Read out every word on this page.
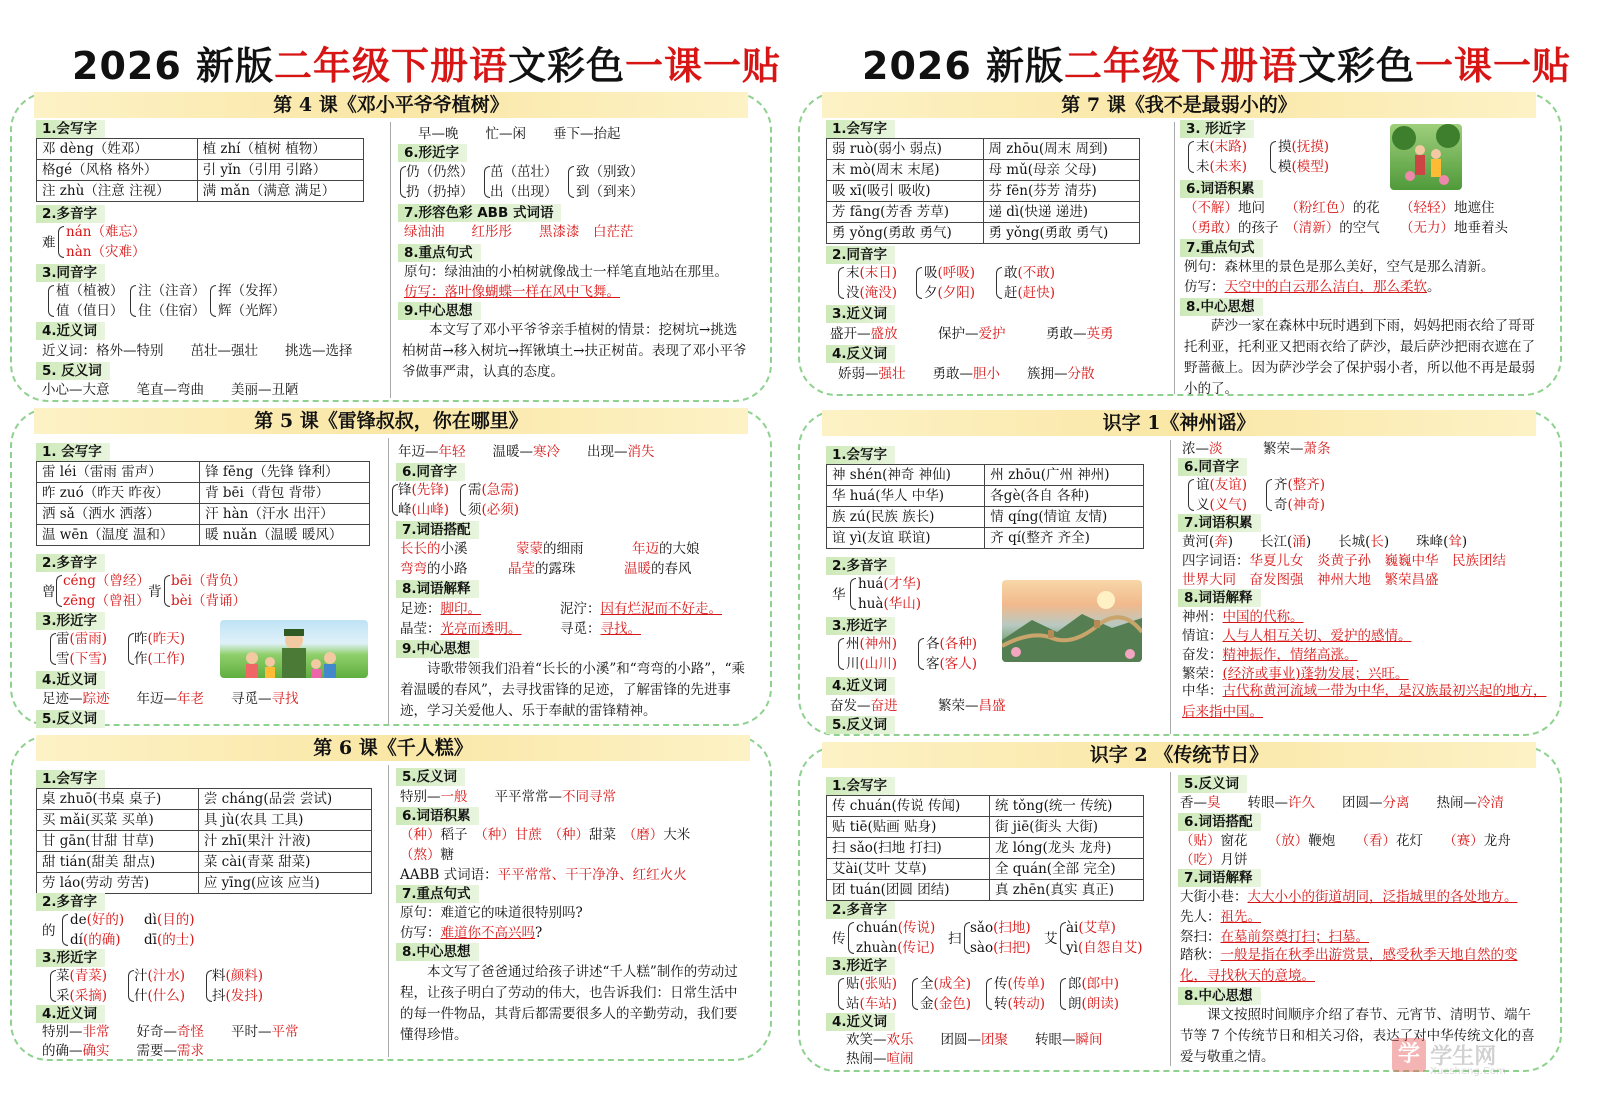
2026 新版二年级下册语文彩色一课一贴 2026 新版二年级下册语文彩色一课一贴
第 4 课《邓小平爷爷植树》
1.会写字
邓 dèng（姓邓）	植 zhí（植树 植物）
格gé（风格 格外）	引 yǐn（引用 引路）
注 zhù（注意 注视）	满 mǎn（满意 满足）
2.多音字
难
nán（难忘）
nàn（灾难）
3.同音字
植（植被）
值（值日）
注（注音）
住（住宿）
挥（发挥）
辉（光辉）
4.近义词
近义词：格外—特别　　茁壮—强壮　　挑选—选择
5. 反义词
小心—大意　　笔直—弯曲　　美丽—丑陋
早—晚　　忙—闲　　垂下—抬起
6.形近字
仍（仍然）
扔（扔掉）
茁（茁壮）
出（出现）
致（别致）
到（到来）
7.形容色彩 ABB 式词语
绿油油　　红彤彤　　黑漆漆　白茫茫
8.重点句式
原句：绿油油的小柏树就像战士一样笔直地站在那里。
仿写：落叶像蝴蝶一样在风中飞舞。
9.中心思想
　　本文写了邓小平爷爷亲手植树的情景：挖树坑→挑选柏树苗→移入树坑→挥锹填土→扶正树苗。表现了邓小平爷爷做事严肃，认真的态度。
第 5 课《雷锋叔叔，你在哪里》
1. 会写字
雷 léi（雷雨 雷声）	锋 fēng（先锋 锋利）
昨 zuó（昨天 昨夜）	背 bēi（背包 背带）
洒 sǎ（洒水 洒落）	汗 hàn（汗水 出汗）
温 wēn（温度 温和）	暖 nuǎn（温暖 暖风）
2.多音字
曾
céng（曾经）
zēng（曾祖）
背
bēi（背负）
bèi（背诵）
3.形近字
雷(雷雨)
雪(下雪)
昨(昨天)
作(工作)
4.近义词
足迹—踪迹　　年迈—年老　　寻觅—寻找
5.反义词
年迈—年轻　　温暖—寒冷　　出现—消失
6.同音字
锋(先锋)
峰(山峰)
需(急需)
须(必须)
7.词语搭配
长长的小溪	蒙蒙的细雨	年迈的大娘
弯弯的小路	晶莹的露珠	温暖的春风
8.词语解释
足迹：脚印。	泥泞：因有烂泥而不好走。
晶莹：光亮而透明。	寻觅：寻找。
9.中心思想
　　诗歌带领我们沿着“长长的小溪”和“弯弯的小路”，“乘着温暖的春风”，去寻找雷锋的足迹，了解雷锋的先进事迹，学习关爱他人、乐于奉献的雷锋精神。
第 6 课《千人糕》
1.会写字
桌 zhuō(书桌 桌子)	尝 cháng(品尝 尝试)
买 mǎi(买菜 买单)	具 jù(农具 工具)
甘 gān(甘甜 甘草)	汁 zhī(果汁 汁液)
甜 tián(甜美 甜点)	菜 cài(青菜 甜菜)
劳 láo(劳动 劳苦)	应 yīng(应该 应当)
2.多音字
的
de(好的)
dí(的确)
dì(目的)
dī(的士)
3.形近字
菜(青菜)
采(采摘)
汁(汁水)
什(什么)
料(颜料)
抖(发抖)
4.近义词
特别—非常　　好奇—奇怪　　平时—平常
的确—确实　　需要—需求
5.反义词
特别—一般　　平平常常—不同寻常
6.词语积累
（种）稻子　（种）甘蔗　 （种）甜菜　（磨）大米
（熬）糖
AABB 式词语：平平常常、干干净净、红红火火
7.重点句式
原句：难道它的味道很特别吗?
仿写：难道你不高兴吗?
8.中心思想
　　本文写了爸爸通过给孩子讲述“千人糕”制作的劳动过程，让孩子明白了劳动的伟大，也告诉我们：日常生活中的每一件物品，其背后都需要很多人的辛勤劳动，我们要懂得珍惜。
第 7 课《我不是最弱小的》
1.会写字
弱 ruò(弱小 弱点)	周 zhōu(周末 周到)
末 mò(周末 末尾)	母 mǔ(母亲 父母)
吸 xī(吸引 吸收)	芬 fēn(芬芳 清芬)
芳 fāng(芳香 芳草)	递 dì(快递 递进)
勇 yǒng(勇敢 勇气)	勇 yǒng(勇敢 勇气)
2.同音字
末(末日)
没(淹没)
吸(呼吸)
夕(夕阳)
敢(不敢)
赶(赶快)
3.近义词
盛开—盛放　　　保护—爱护　　　勇敢—英勇
4.反义词
娇弱—强壮　　勇敢—胆小　　簇拥—分散
3. 形近字
末(末路)
未(未来)
摸(抚摸)
模(模型)
6.词语积累
（不解）地问　　（粉红色）的花　　（轻轻）地遮住
（勇敢）的孩子　（清新）的空气　　（无力）地垂着头
7.重点句式
例句：森林里的景色是那么美好，空气是那么清新。
仿写：天空中的白云那么洁白，那么柔软。
8.中心思想
　　萨沙一家在森林中玩时遇到下雨，妈妈把雨衣给了哥哥托利亚，托利亚又把雨衣给了萨沙，最后萨沙把雨衣遮在了野蔷薇上。因为萨沙学会了保护弱小者，所以他不再是最弱小的了。
识字 1《神州谣》
1.会写字
神 shén(神奇 神仙)	州 zhōu(广州 神州)
华 huá(华人 中华)	各gè(各自 各种)
族 zú(民族 族长)	情 qíng(情谊 友情)
谊 yì(友谊 联谊)	齐 qí(整齐 齐全)
2.多音字
华
huá(才华)
huà(华山)
3.形近字
州(神州)
川(山川)
各(各种)
客(客人)
4.近义词
奋发—奋进　　　繁荣—昌盛
5.反义词
浓—淡　　　繁荣—萧条
6.同音字
谊(友谊)
义(义气)
齐(整齐)
奇(神奇)
7.词语积累
黄河(奔)　　长江(涌)　　长城(长)　　珠峰(耸)
四字词语：华夏儿女　炎黄子孙　巍巍中华　民族团结
世界大同　奋发图强　神州大地　繁荣昌盛
8.词语解释
神州：中国的代称。
情谊：人与人相互关切、爱护的感情。
奋发：精神振作，情绪高涨。
繁荣：(经济或事业)蓬勃发展；兴旺。
中华：古代称黄河流域一带为中华，是汉族最初兴起的地方，后来指中国。
识字 2 《传统节日》
1.会写字
传 chuán(传说 传闻)	统 tǒng(统一 传统)
贴 tiē(贴画 贴身)	街 jiē(街头 大街)
扫 sǎo(扫地 打扫)	龙 lóng(龙头 龙舟)
艾ài(艾叶 艾草)	全 quán(全部 完全)
团 tuán(团圆 团结)	真 zhēn(真实 真正)
2.多音字
传
chuán(传说)
zhuàn(传记)
扫
sǎo(扫地)
sào(扫把)
艾
ài(艾草)
yì(自怨自艾)
3.形近字
贴(张贴)
站(车站)
全(成全)
金(金色)
传(传单)
转(转动)
郎(郎中)
朗(朗读)
4.近义词
欢笑—欢乐　　团圆—团聚　　转眼—瞬间
热闹—喧闹
5.反义词
香—臭　　转眼—许久　　团圆—分离　　热闹—冷清
6.词语搭配
（贴）窗花　　（放）鞭炮　　（看）花灯　　（赛）龙舟
（吃）月饼
7.词语解释
大街小巷：大大小小的街道胡同，泛指城里的各处地方。
先人：祖先。
祭扫：在墓前祭奠打扫；扫墓。
踏秋：一般是指在秋季出游赏景，感受秋季天地自然的变化，寻找秋天的意境。
8.中心思想
　　课文按照时间顺序介绍了春节、元宵节、清明节、端午节等 7 个传统节日和相关习俗，表达了对中华传统文化的喜爱与敬重之情。	学 学生网
Xuesheng.Com
